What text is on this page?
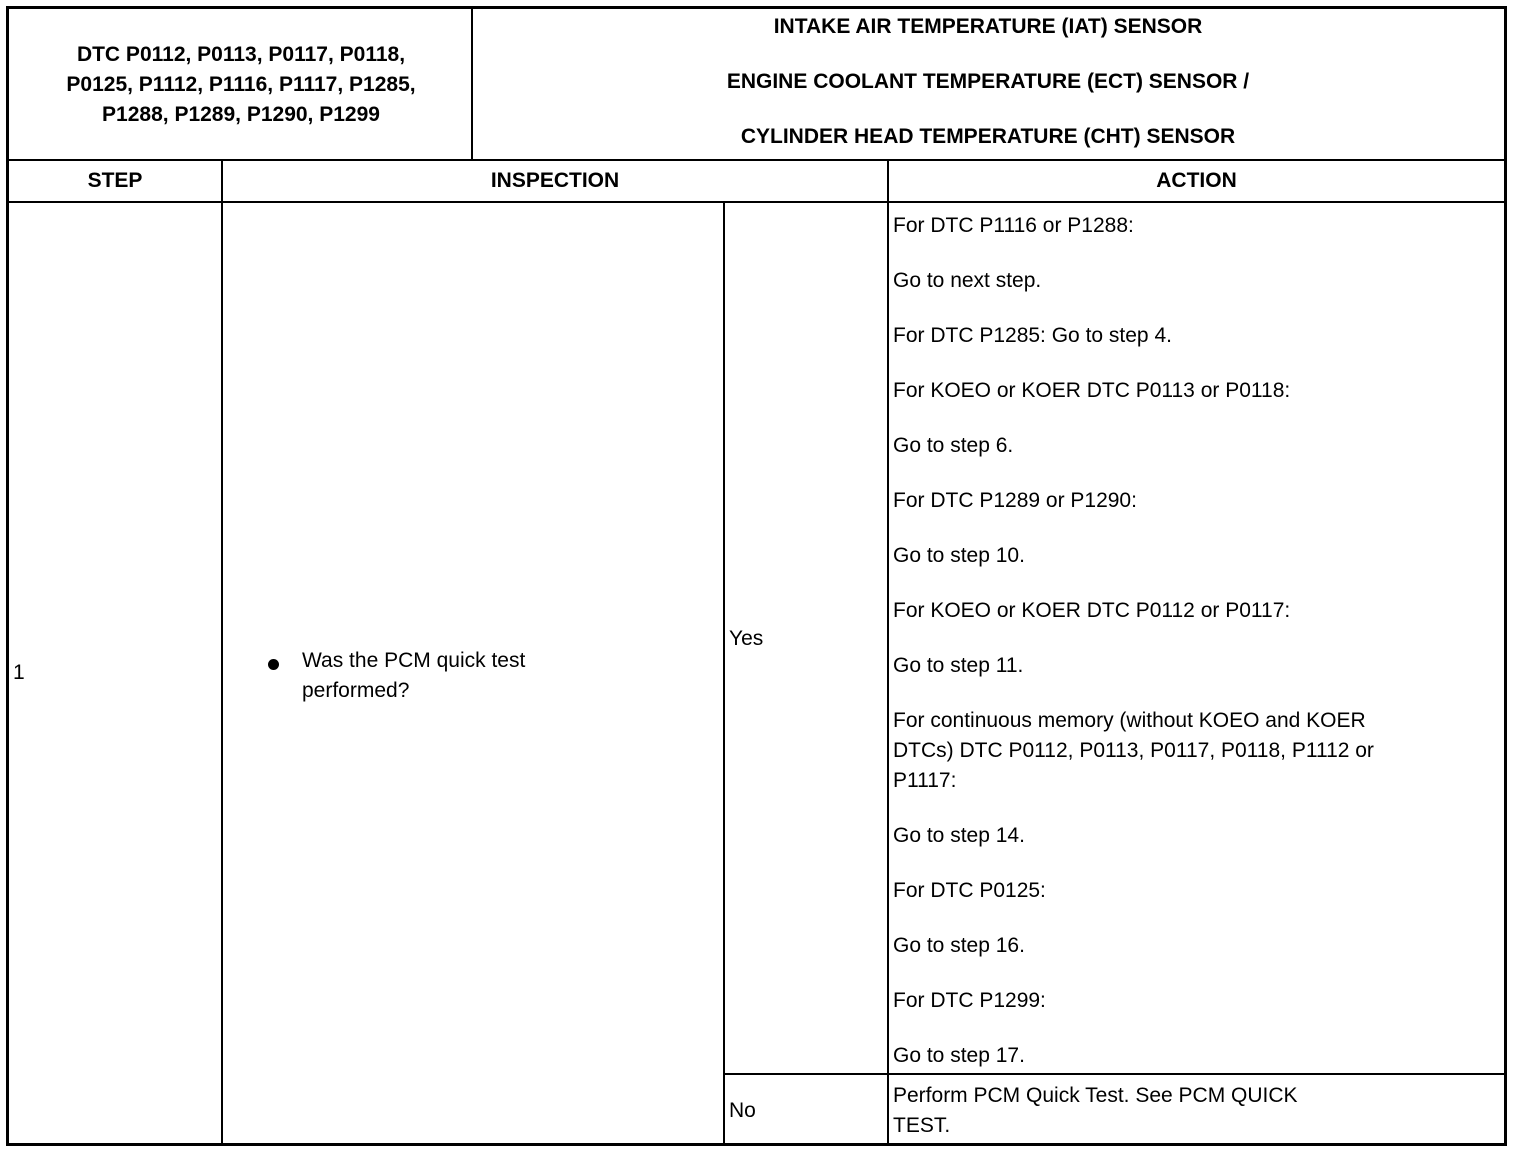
DTC P0112, P0113, P0117, P0118,
P0125, P1112, P1116, P1117, P1285,
P1288, P1289, P1290, P1299
INTAKE AIR TEMPERATURE (IAT) SENSOR
ENGINE COOLANT TEMPERATURE (ECT) SENSOR /
CYLINDER HEAD TEMPERATURE (CHT) SENSOR
STEP	INSPECTION	ACTION
1
Was the PCM quick test
performed?
Yes
No
For DTC P1116 or P1288:
Go to next step.
For DTC P1285: Go to step 4.
For KOEO or KOER DTC P0113 or P0118:
Go to step 6.
For DTC P1289 or P1290:
Go to step 10.
For KOEO or KOER DTC P0112 or P0117:
Go to step 11.
For continuous memory (without KOEO and KOER
DTCs) DTC P0112, P0113, P0117, P0118, P1112 or
P1117:
Go to step 14.
For DTC P0125:
Go to step 16.
For DTC P1299:
Go to step 17.
Perform PCM Quick Test. See PCM QUICK
TEST.
